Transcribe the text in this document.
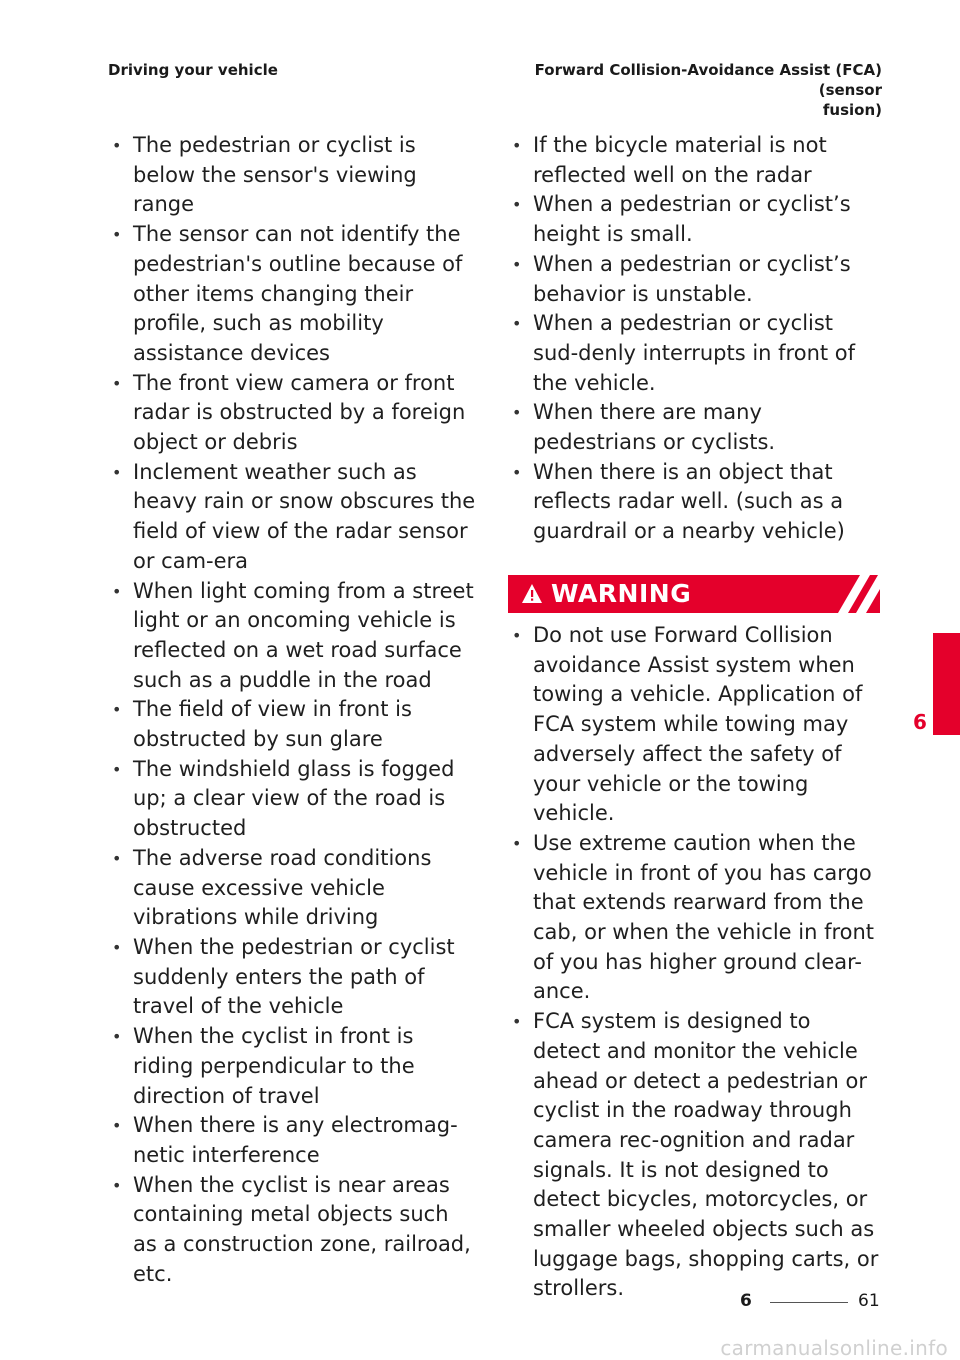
Driving your vehicle	Forward Collision-Avoidance Assist (FCA) (sensor
fusion)
• The pedestrian or cyclist is below the sensor's viewing range
• The sensor can not identify the pedestrian's outline because of other items changing their profile, such as mobility assistance devices
• The front view camera or front radar is obstructed by a foreign object or debris
• Inclement weather such as heavy rain or snow obscures the field of view of the radar sensor or cam-era
• When light coming from a street light or an oncoming vehicle is reflected on a wet road surface such as a puddle in the road
• The field of view in front is obstructed by sun glare
• The windshield glass is fogged up; a clear view of the road is obstructed
• The adverse road conditions cause excessive vehicle vibrations while driving
• When the pedestrian or cyclist suddenly enters the path of travel of the vehicle
• When the cyclist in front is riding perpendicular to the direction of travel
• When there is any electromag-netic interference
• When the cyclist is near areas containing metal objects such as a construction zone, railroad, etc.
• If the bicycle material is not reflected well on the radar
• When a pedestrian or cyclist’s height is small.
• When a pedestrian or cyclist’s behavior is unstable.
• When a pedestrian or cyclist sud-denly interrupts in front of the vehicle.
• When there are many pedestrians or cyclists.
• When there is an object that reflects radar well. (such as a guardrail or a nearby vehicle)
WARNING
• Do not use Forward Collision avoidance Assist system when towing a vehicle. Application of FCA system while towing may adversely affect the safety of your vehicle or the towing vehicle.
• Use extreme caution when the vehicle in front of you has cargo that extends rearward from the cab, or when the vehicle in front of you has higher ground clear-ance.
• FCA system is designed to detect and monitor the vehicle ahead or detect a pedestrian or cyclist in the roadway through camera rec-ognition and radar signals. It is not designed to detect bicycles, motorcycles, or smaller wheeled objects such as luggage bags, shopping carts, or strollers.
6
6	61
carmanualsonline.info
